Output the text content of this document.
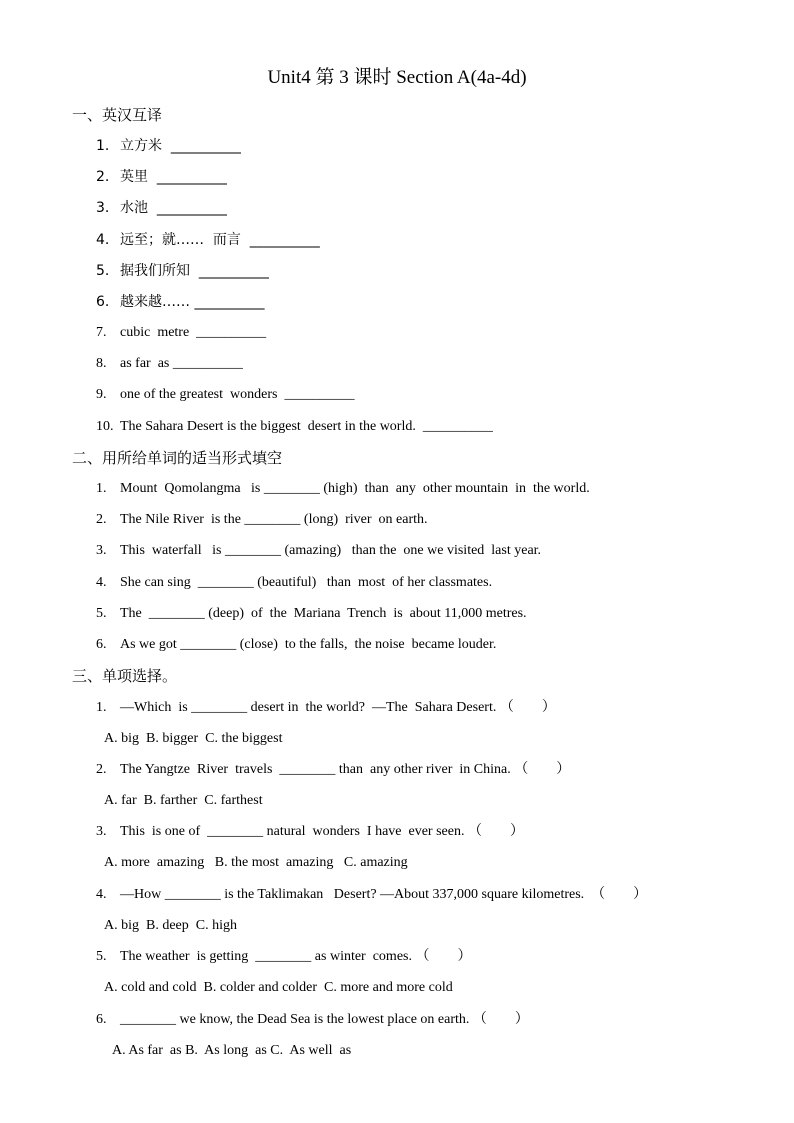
Unit4 第 3 课时 Section A(4a-4d)
一、英汉互译
1. 立方米  __________
2. 英里  __________
3. 水池  __________
4. 远至；就……  而言  __________
5. 据我们所知  __________
6. 越来越…… __________
7. cubic  metre  __________
8. as far  as __________
9. one of the greatest  wonders  __________
10. The Sahara Desert is the biggest  desert in the world.  __________
二、用所给单词的适当形式填空
1. Mount  Qomolangma   is ________ (high)  than  any  other mountain  in  the world.
2. The Nile River  is the ________ (long)  river  on earth.
3. This  waterfall   is ________ (amazing)   than the  one we visited  last year.
4. She can sing  ________ (beautiful)   than  most  of her classmates.
5. The  ________ (deep)  of  the  Mariana  Trench  is  about 11,000 metres.
6. As we got ________ (close)  to the falls,  the noise  became louder.
三、单项选择。
1. —Which  is ________ desert in  the world?  —The  Sahara Desert. （        ）
A. big  B. bigger  C. the biggest
2. The Yangtze  River  travels  ________ than  any other river  in China. （        ）
A. far  B. farther  C. farthest
3. This  is one of  ________ natural  wonders  I have  ever seen. （        ）
A. more  amazing   B. the most  amazing   C. amazing
4. —How ________ is the Taklimakan   Desert? —About 337,000 square kilometres.  （        ）
A. big  B. deep  C. high
5. The weather  is getting  ________ as winter  comes. （        ）
A. cold and cold  B. colder and colder  C. more and more cold
6. ________ we know, the Dead Sea is the lowest place on earth. （        ）
A. As far  as B.  As long  as C.  As well  as
